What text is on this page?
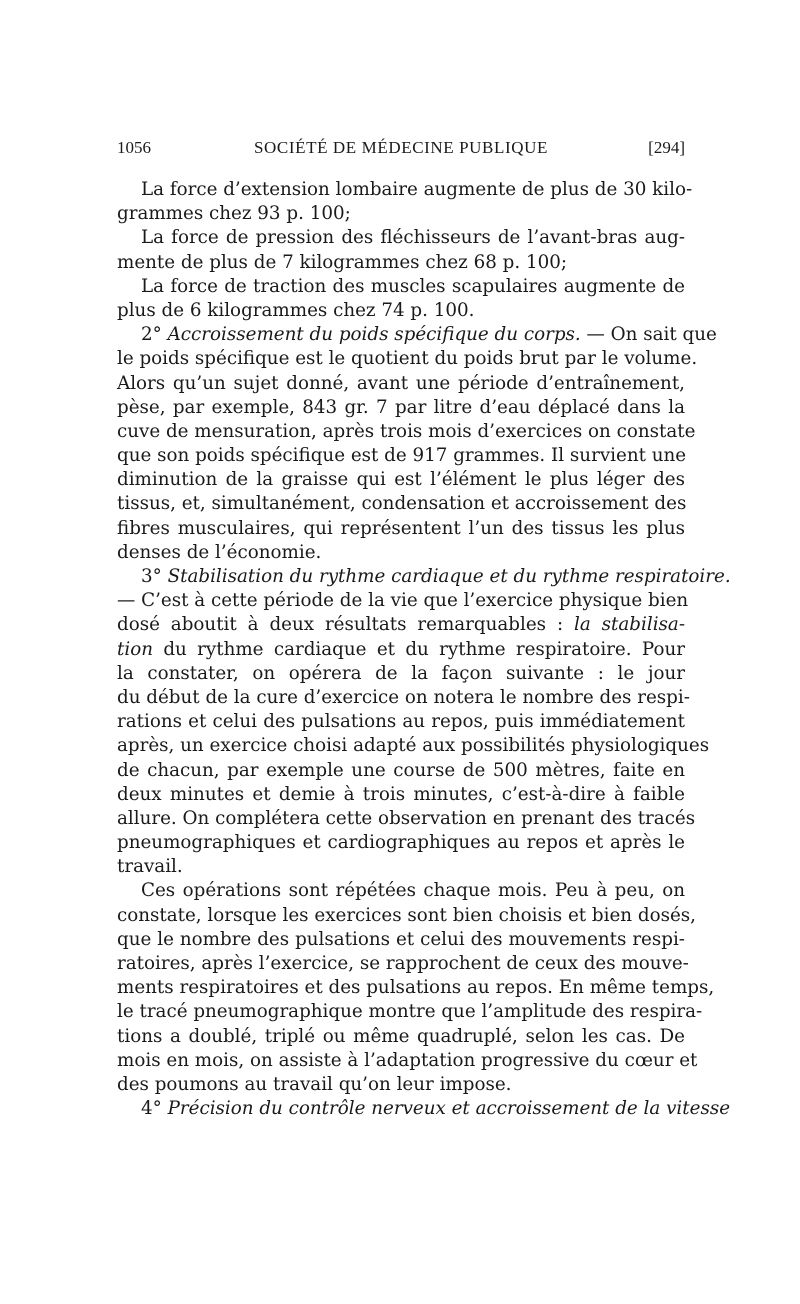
1056	SOCIÉTÉ DE MÉDECINE PUBLIQUE	[294]
La force d’extension lombaire augmente de plus de 30 kilo-
grammes chez 93 p. 100;
La force de pression des fléchisseurs de l’avant-bras aug-
mente de plus de 7 kilogrammes chez 68 p. 100;
La force de traction des muscles scapulaires augmente de
plus de 6 kilogrammes chez 74 p. 100.
2° Accroissement du poids spécifique du corps. — On sait que
le poids spécifique est le quotient du poids brut par le volume.
Alors qu’un sujet donné, avant une période d’entraînement,
pèse, par exemple, 843 gr. 7 par litre d’eau déplacé dans la
cuve de mensuration, après trois mois d’exercices on constate
que son poids spécifique est de 917 grammes. Il survient une
diminution de la graisse qui est l’élément le plus léger des
tissus, et, simultanément, condensation et accroissement des
fibres musculaires, qui représentent l’un des tissus les plus
denses de l’économie.
3° Stabilisation du rythme cardiaque et du rythme respiratoire.
— C’est à cette période de la vie que l’exercice physique bien
dosé aboutit à deux résultats remarquables : la stabilisa-
tion du rythme cardiaque et du rythme respiratoire. Pour
la constater, on opérera de la façon suivante : le jour
du début de la cure d’exercice on notera le nombre des respi-
rations et celui des pulsations au repos, puis immédiatement
après, un exercice choisi adapté aux possibilités physiologiques
de chacun, par exemple une course de 500 mètres, faite en
deux minutes et demie à trois minutes, c’est-à-dire à faible
allure. On complétera cette observation en prenant des tracés
pneumographiques et cardiographiques au repos et après le
travail.
Ces opérations sont répétées chaque mois. Peu à peu, on
constate, lorsque les exercices sont bien choisis et bien dosés,
que le nombre des pulsations et celui des mouvements respi-
ratoires, après l’exercice, se rapprochent de ceux des mouve-
ments respiratoires et des pulsations au repos. En même temps,
le tracé pneumographique montre que l’amplitude des respira-
tions a doublé, triplé ou même quadruplé, selon les cas. De
mois en mois, on assiste à l’adaptation progressive du cœur et
des poumons au travail qu’on leur impose.
4° Précision du contrôle nerveux et accroissement de la vitesse
